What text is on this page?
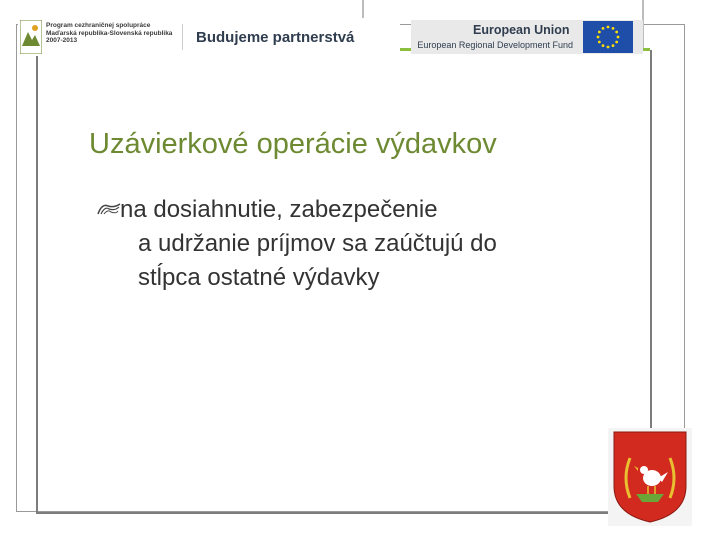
Program cezhraničnej spolupráce
Maďarská republika-Slovenská republika
2007-2013	Budujeme partnerstvá	European Union
European Regional Development Fund
Uzávierkové operácie výdavkov
na dosiahnutie, zabezpečenie
a udržanie príjmov sa zaúčtujú do
stĺpca ostatné výdavky
